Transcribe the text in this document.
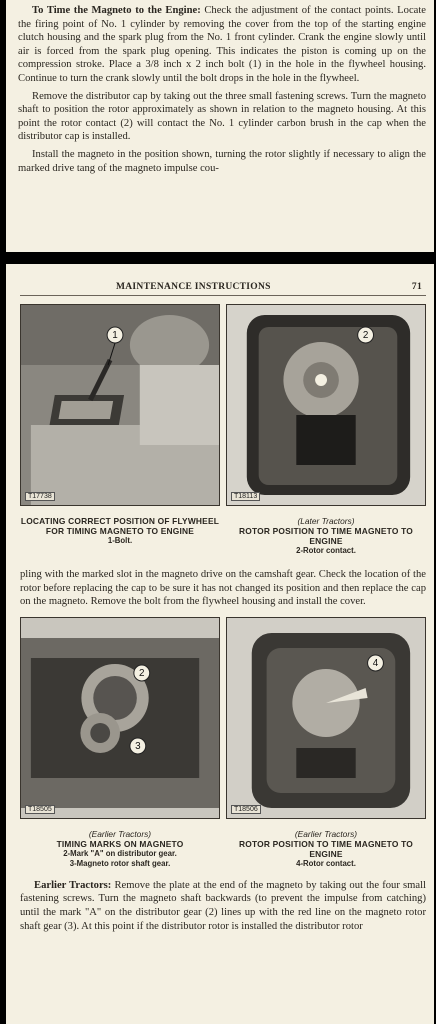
To Time the Magneto to the Engine: Check the adjustment of the contact points. Locate the firing point of No. 1 cylinder by removing the cover from the top of the starting engine clutch housing and the spark plug from the No. 1 front cylinder. Crank the engine slowly until air is forced from the spark plug opening. This indicates the piston is coming up on the compression stroke. Place a 3/8 inch x 2 inch bolt (1) in the hole in the flywheel housing. Continue to turn the crank slowly until the bolt drops in the hole in the flywheel.

Remove the distributor cap by taking out the three small fastening screws. Turn the magneto shaft to position the rotor approximately as shown in relation to the magneto housing. At this point the rotor contact (2) will contact the No. 1 cylinder carbon brush in the cap when the distributor cap is installed.

Install the magneto in the position shown, turning the rotor slightly if necessary to align the marked drive tang of the magneto impulse cou-

MAINTENANCE INSTRUCTIONS	71
1
T17738
LOCATING CORRECT POSITION OF FLYWHEEL FOR TIMING MAGNETO TO ENGINE
1-Bolt.
2
T18113
(Later Tractors)
ROTOR POSITION TO TIME MAGNETO TO ENGINE
2-Rotor contact.

pling with the marked slot in the magneto drive on the camshaft gear. Check the location of the rotor before replacing the cap to be sure it has not changed its position and then replace the cap on the magneto. Remove the bolt from the flywheel housing and install the cover.

2
3
T18505
(Earlier Tractors)
TIMING MARKS ON MAGNETO
2-Mark "A" on distributor gear.
3-Magneto rotor shaft gear.
4
T18506
(Earlier Tractors)
ROTOR POSITION TO TIME MAGNETO TO ENGINE
4-Rotor contact.

Earlier Tractors: Remove the plate at the end of the magneto by taking out the four small fastening screws. Turn the magneto shaft backwards (to prevent the impulse from catching) until the mark "A" on the distributor gear (2) lines up with the red line on the magneto rotor shaft gear (3). At this point if the distributor rotor is installed the distributor rotor
